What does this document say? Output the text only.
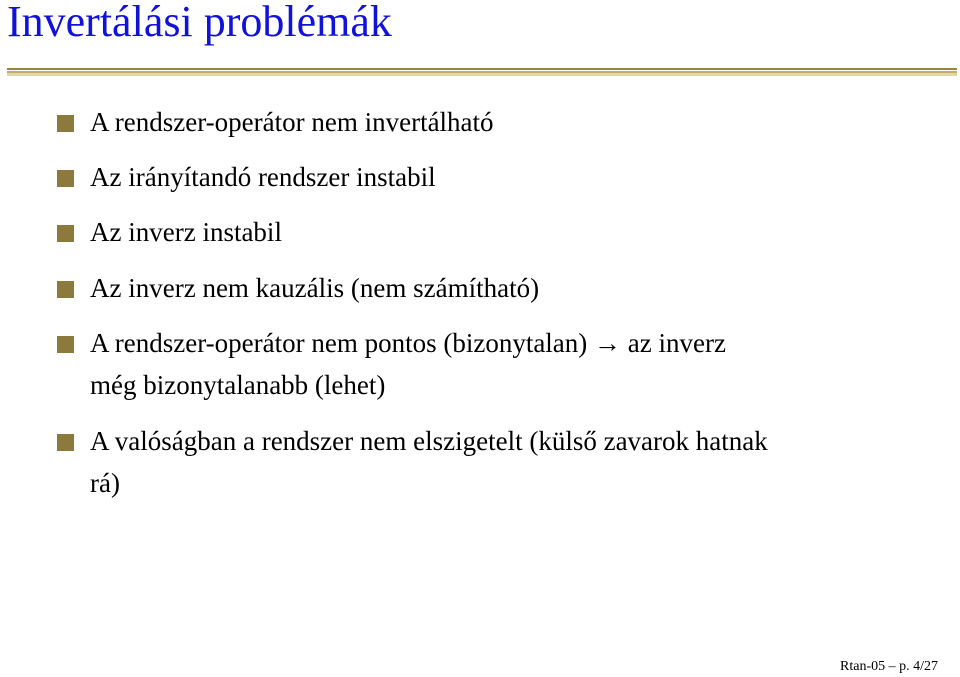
Invertálási problémák
A rendszer-operátor nem invertálható
Az irányítandó rendszer instabil
Az inverz instabil
Az inverz nem kauzális (nem számítható)
A rendszer-operátor nem pontos (bizonytalan) → az inverz
még bizonytalanabb (lehet)
A valóságban a rendszer nem elszigetelt (külső zavarok hatnak
rá)
Rtan-05 – p. 4/27
